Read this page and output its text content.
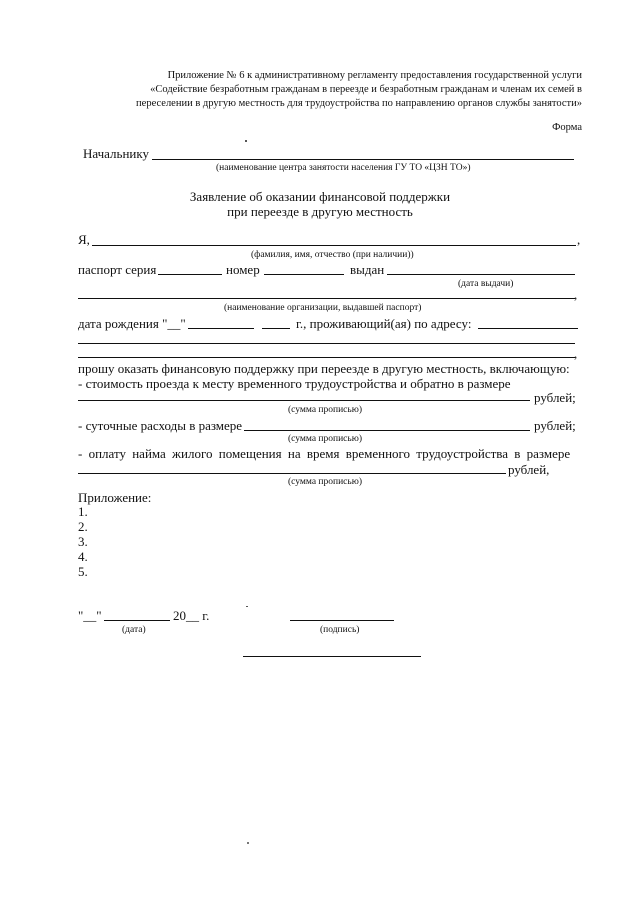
Приложение № 6 к административному регламенту предоставления государственной услуги
«Содействие безработным гражданам в переезде и безработным гражданам и членам их семей в
переселении в другую местность для трудоустройства по направлению органов службы занятости»
Форма
Начальнику
(наименование центра занятости населения ГУ ТО «ЦЗН ТО»)
Заявление об оказании финансовой поддержки
при переезде в другую местность
Я,	,
(фамилия, имя, отчество (при наличии))
паспорт серия	номер	выдан
(дата выдачи)
,
(наименование организации, выдавшей паспорт)
дата рождения "__"	г., проживающий(ая) по адресу:
,
прошу оказать финансовую поддержку при переезде в другую местность, включающую:
- стоимость проезда к месту временного трудоустройства и обратно в размере
рублей;
(сумма прописью)
- суточные расходы в размере	рублей;
(сумма прописью)
- оплату найма жилого помещения на время временного трудоустройства в размере
рублей,
(сумма прописью)
Приложение:
1.
2.
3.
4.
5.
"__"	20__ г.
(дата)	(подпись)
